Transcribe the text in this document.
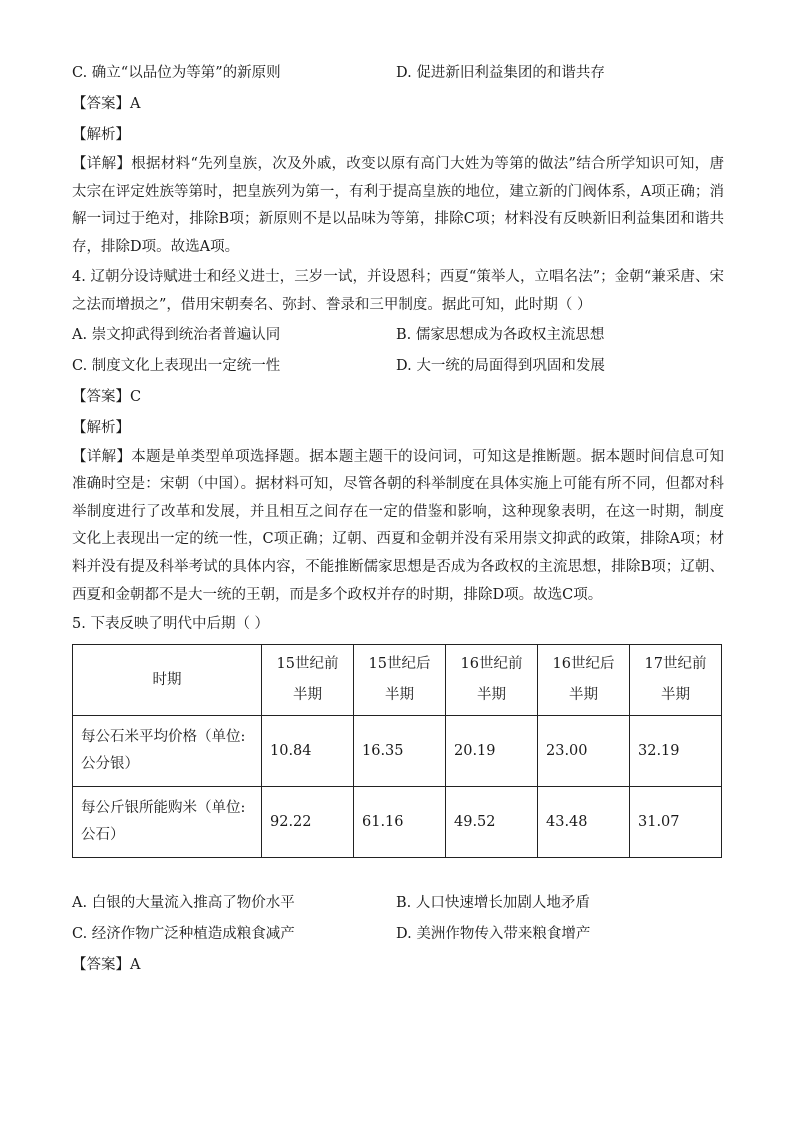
C. 确立“以品位为等第”的新原则	D. 促进新旧利益集团的和谐共存
【答案】A
【解析】
【详解】根据材料“先列皇族，次及外戚，改变以原有高门大姓为等第的做法”结合所学知识可知，唐太宗在评定姓族等第时，把皇族列为第一，有利于提高皇族的地位，建立新的门阀体系，A项正确；消解一词过于绝对，排除B项；新原则不是以品味为等第，排除C项；材料没有反映新旧利益集团和谐共存，排除D项。故选A项。
4. 辽朝分设诗赋进士和经义进士，三岁一试，并设恩科；西夏“策举人，立唱名法”；金朝“兼采唐、宋之法而增损之”，借用宋朝奏名、弥封、誊录和三甲制度。据此可知，此时期（ ）
A. 崇文抑武得到统治者普遍认同	B. 儒家思想成为各政权主流思想
C. 制度文化上表现出一定统一性	D. 大一统的局面得到巩固和发展
【答案】C
【解析】
【详解】本题是单类型单项选择题。据本题主题干的设问词，可知这是推断题。据本题时间信息可知准确时空是：宋朝（中国）。据材料可知，尽管各朝的科举制度在具体实施上可能有所不同，但都对科举制度进行了改革和发展，并且相互之间存在一定的借鉴和影响，这种现象表明，在这一时期，制度文化上表现出一定的统一性，C项正确；辽朝、西夏和金朝并没有采用崇文抑武的政策，排除A项；材料并没有提及科举考试的具体内容，不能推断儒家思想是否成为各政权的主流思想，排除B项；辽朝、西夏和金朝都不是大一统的王朝，而是多个政权并存的时期，排除D项。故选C项。
5. 下表反映了明代中后期（ ）
时期	15世纪前半期	15世纪后半期	16世纪前半期	16世纪后半期	17世纪前半期
每公石米平均价格（单位:公分银）	10.84	16.35	20.19	23.00	32.19
每公斤银所能购米（单位:公石）	92.22	61.16	49.52	43.48	31.07
A. 白银的大量流入推高了物价水平	B. 人口快速增长加剧人地矛盾
C. 经济作物广泛种植造成粮食减产	D. 美洲作物传入带来粮食增产
【答案】A
